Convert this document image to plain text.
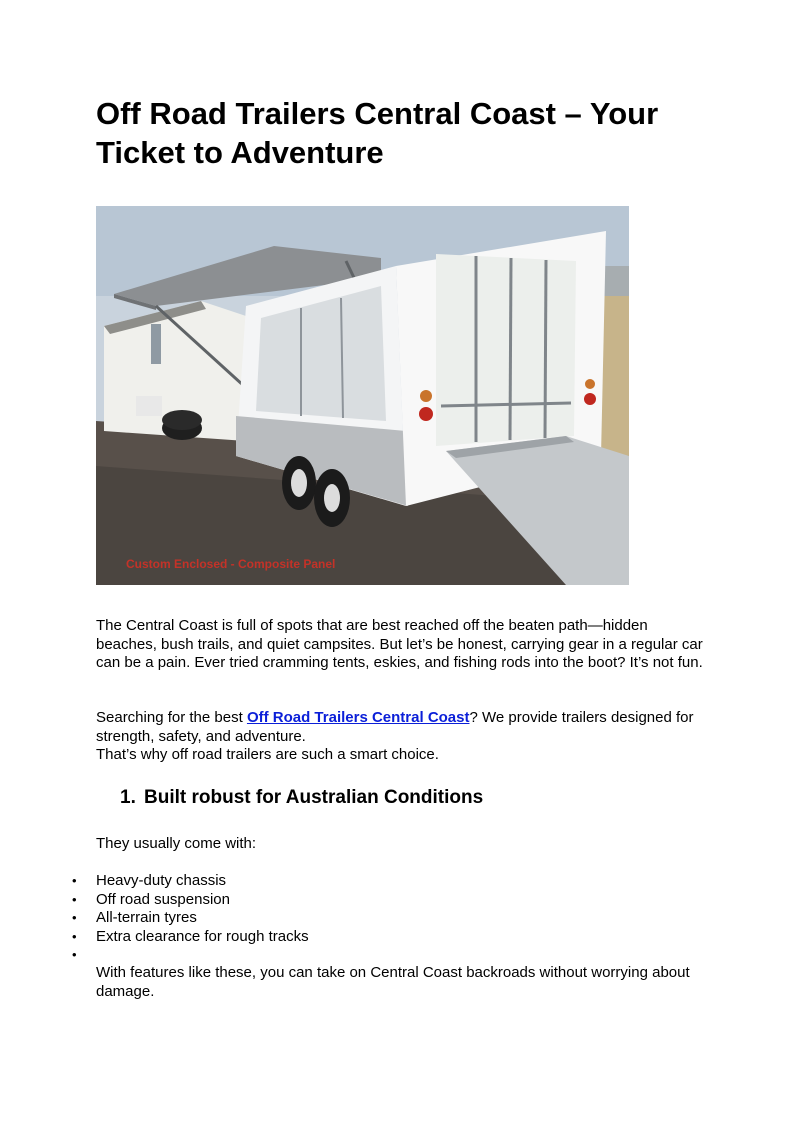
Off Road Trailers Central Coast – Your Ticket to Adventure
Custom Enclosed - Composite Panel

The Central Coast is full of spots that are best reached off the beaten path—hidden beaches, bush trails, and quiet campsites. But let’s be honest, carrying gear in a regular car can be a pain. Ever tried cramming tents, eskies, and fishing rods into the boot? It’s not fun.

Searching for the best Off Road Trailers Central Coast? We provide trailers designed for strength, safety, and adventure.

That’s why off road trailers are such a smart choice.

1. Built robust for Australian Conditions

They usually come with:

• Heavy-duty chassis
• Off road suspension
• All-terrain tyres
• Extra clearance for rough tracks
•

With features like these, you can take on Central Coast backroads without worrying about damage.
